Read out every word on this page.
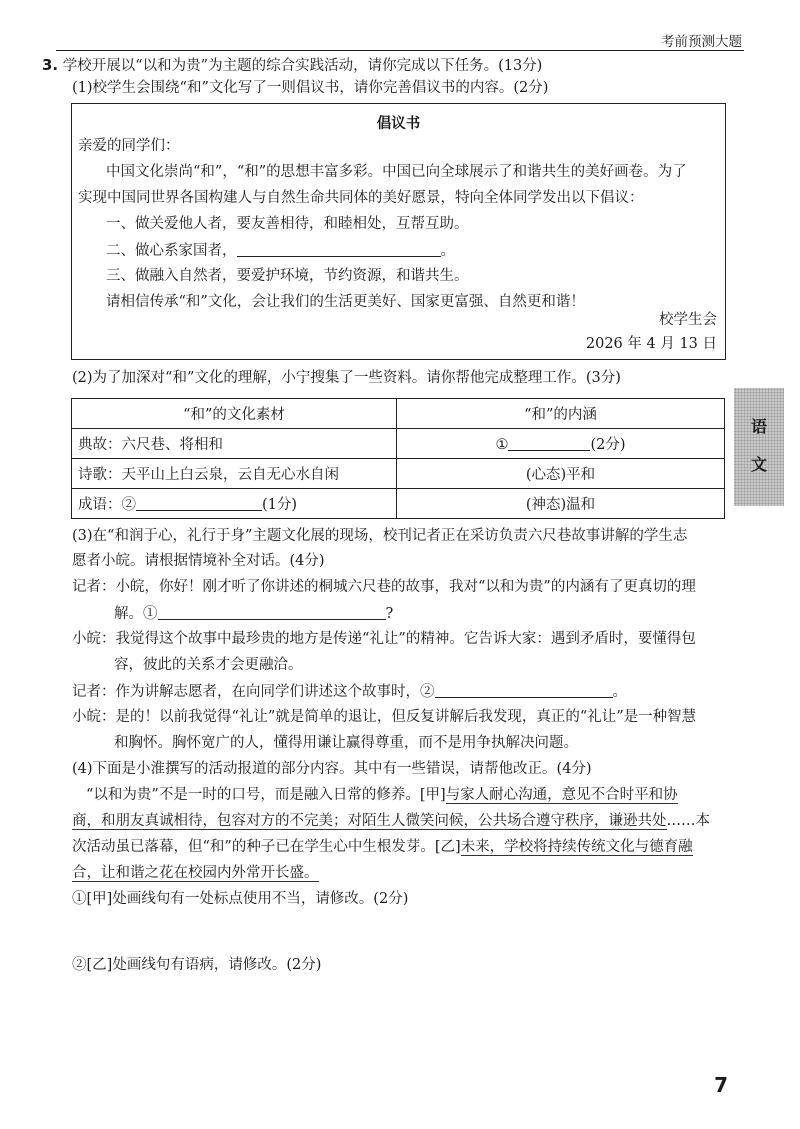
考前预测大题
3. 学校开展以“以和为贵”为主题的综合实践活动，请你完成以下任务。(13分)
(1)校学生会围绕“和”文化写了一则倡议书，请你完善倡议书的内容。(2分)
倡议书
亲爱的同学们：
中国文化崇尚“和”，“和”的思想丰富多彩。中国已向全球展示了和谐共生的美好画卷。为了
实现中国同世界各国构建人与自然生命共同体的美好愿景，特向全体同学发出以下倡议：
一、做关爱他人者，要友善相待，和睦相处，互帮互助。
二、做心系家国者，	。
三、做融入自然者，要爱护环境，节约资源，和谐共生。
请相信传承“和”文化，会让我们的生活更美好、国家更富强、自然更和谐！
校学生会
2026 年 4 月 13 日
(2)为了加深对“和”文化的理解，小宁搜集了一些资料。请你帮他完成整理工作。(3分)
“和”的文化素材	“和”的内涵
典故：六尺巷、将相和	① (2分)
诗歌：天平山上白云泉，云自无心水自闲	(心态)平和
成语：② (1分)	(神态)温和
语
文
(3)在“和润于心，礼行于身”主题文化展的现场，校刊记者正在采访负责六尺巷故事讲解的学生志
愿者小皖。请根据情境补全对话。(4分)
记者：小皖，你好！刚才听了你讲述的桐城六尺巷的故事，我对“以和为贵”的内涵有了更真切的理
解。①	?
小皖：我觉得这个故事中最珍贵的地方是传递“礼让”的精神。它告诉大家：遇到矛盾时，要懂得包
容，彼此的关系才会更融洽。
记者：作为讲解志愿者，在向同学们讲述这个故事时，②	。
小皖：是的！以前我觉得“礼让”就是简单的退让，但反复讲解后我发现，真正的“礼让”是一种智慧
和胸怀。胸怀宽广的人，懂得用谦让赢得尊重，而不是用争执解决问题。
(4)下面是小淮撰写的活动报道的部分内容。其中有一些错误，请帮他改正。(4分)
“以和为贵”不是一时的口号，而是融入日常的修养。[甲]与家人耐心沟通，意见不合时平和协
商，和朋友真诚相待，包容对方的不完美；对陌生人微笑问候，公共场合遵守秩序，谦逊共处……本
次活动虽已落幕，但“和”的种子已在学生心中生根发芽。[乙]未来，学校将持续传统文化与德育融
合，让和谐之花在校园内外常开长盛。
①[甲]处画线句有一处标点使用不当，请修改。(2分)
②[乙]处画线句有语病，请修改。(2分)
7
